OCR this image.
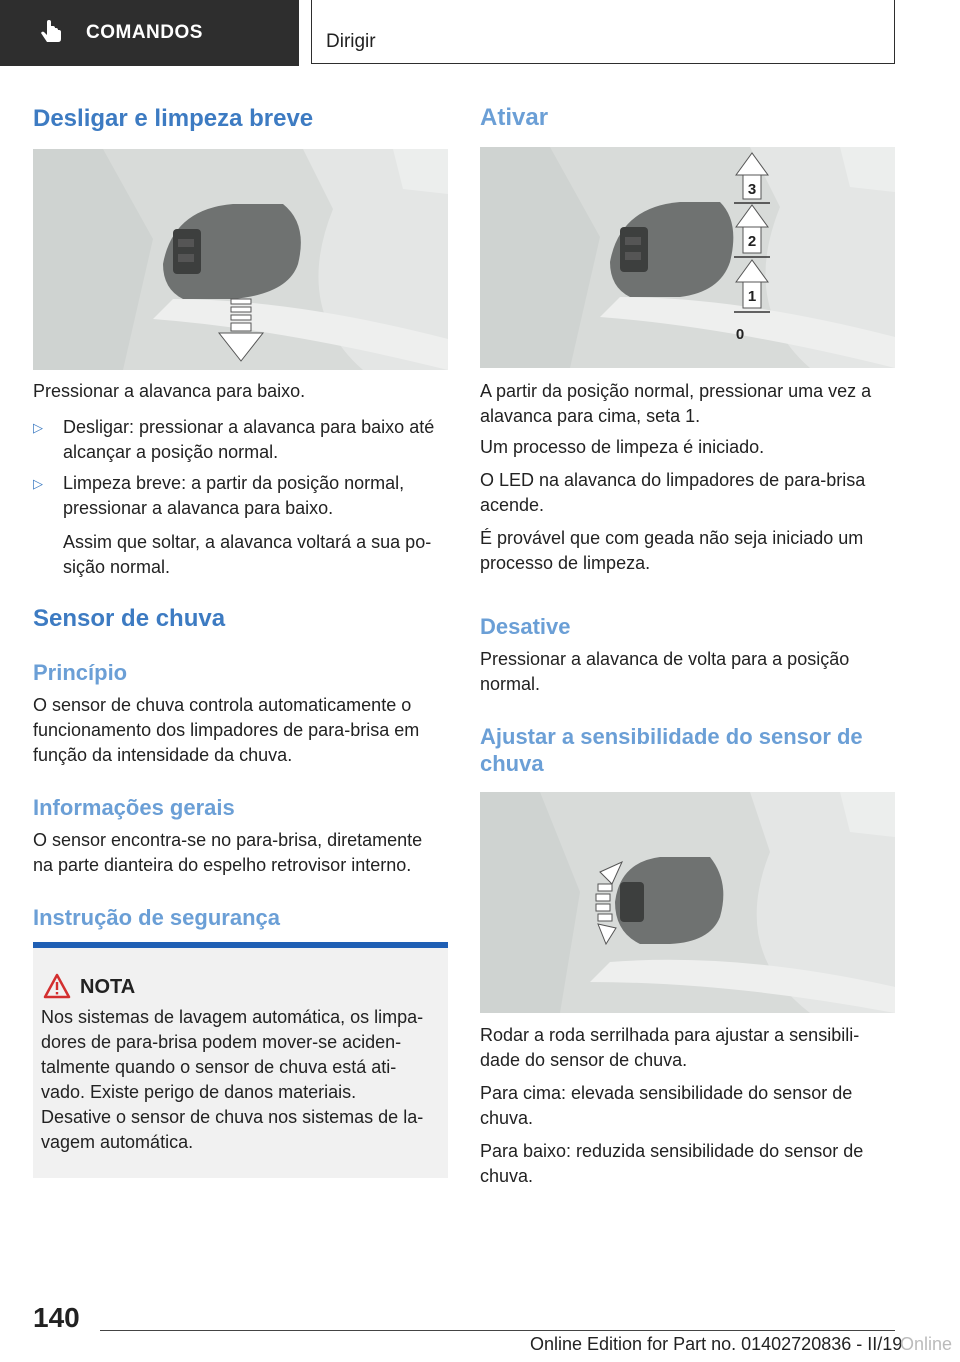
COMANDOS	Dirigir
Desligar e limpeza breve

Pressionar a alavanca para baixo.

▷ Desligar: pressionar a alavanca para baixo até
alcançar a posição normal.
▷ Limpeza breve: a partir da posição normal,
pressionar a alavanca para baixo.
Assim que soltar, a alavanca voltará a sua po‐
sição normal.
Sensor de chuva
Princípio

O sensor de chuva controla automaticamente o

funcionamento dos limpadores de para-brisa em

função da intensidade da chuva.

Informações gerais

O sensor encontra-se no para-brisa, diretamente

na parte dianteira do espelho retrovisor interno.

Instrução de segurança
NOTA
Nos sistemas de lavagem automática, os limpa‐
dores de para-brisa podem mover-se aciden‐
talmente quando o sensor de chuva está ati‐
vado. Existe perigo de danos materiais.
Desative o sensor de chuva nos sistemas de la‐
vagem automática.
Ativar
3
2
1
0

A partir da posição normal, pressionar uma vez a

alavanca para cima, seta 1.

Um processo de limpeza é iniciado.

O LED na alavanca do limpadores de para-brisa

acende.

É provável que com geada não seja iniciado um

processo de limpeza.

Desative

Pressionar a alavanca de volta para a posição

normal.

Ajustar a sensibilidade do sensor de
chuva

Rodar a roda serrilhada para ajustar a sensibili‐

dade do sensor de chuva.

Para cima: elevada sensibilidade do sensor de

chuva.

Para baixo: reduzida sensibilidade do sensor de

chuva.

140
Online Edition for Part no. 01402720836 - II/19
Online
